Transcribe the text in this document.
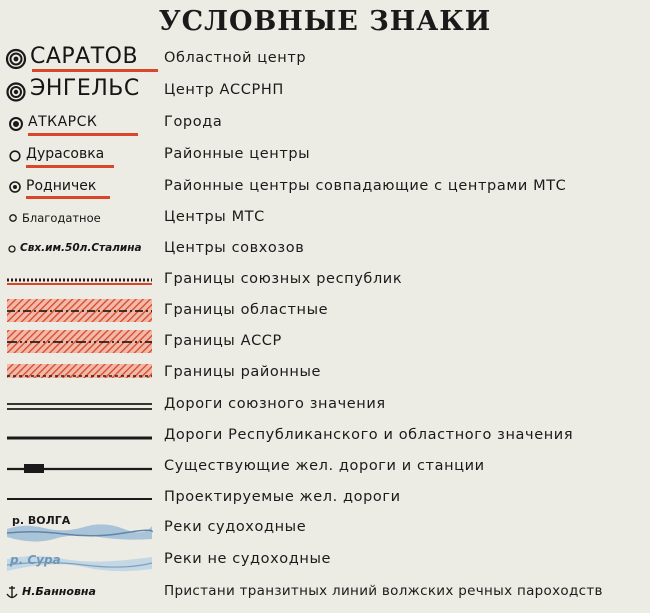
УСЛОВНЫЕ ЗНАКИ
САРАТОВ Областной центр
ЭНГЕЛЬС Центр АССРНП
АТКАРСК	Города
Дурасовка	Районные центры
Родничек	Районные центры совпадающие с центрами МТС
Благодатное	Центры МТС
Свх.им.50л.Сталина Центры совхозов
Границы союзных республик
Границы областные
Границы АССР
Границы районные
Дороги союзного значения
Дороги Республиканского и областного значения
Существующие жел. дороги и станции
Проектируемые жел. дороги
р. ВОЛГА	Реки судоходные
р. Сура	Реки не судоходные
Н.Банновна	Пристани транзитных линий волжских речных пароходств
